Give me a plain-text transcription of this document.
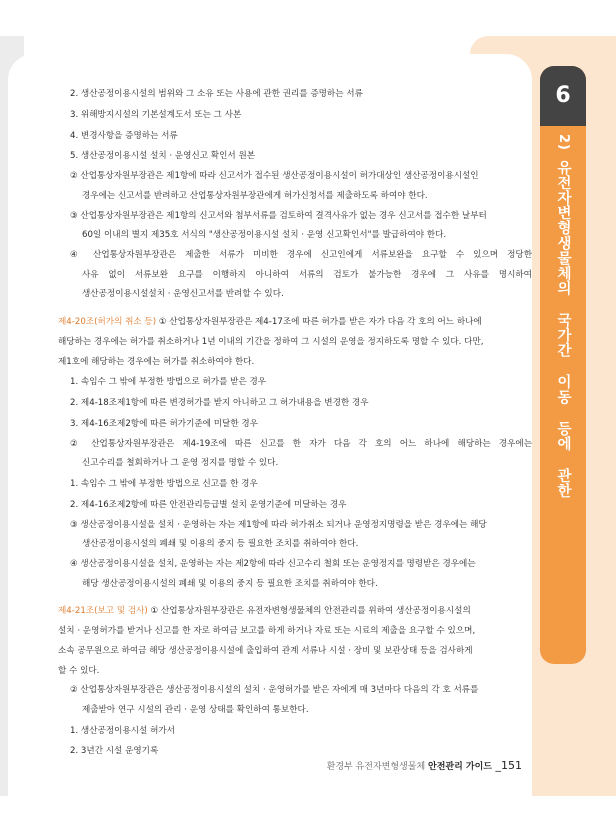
6
2)
유전자변형생물체의 국가간 이동 등에 관한 통합고시

2. 생산공정이용시설의 범위와 그 소유 또는 사용에 관한 권리를 증명하는 서류

3. 위해방지시설의 기본설계도서 또는 그 사본

4. 변경사항을 증명하는 서류

5. 생산공정이용시설 설치 · 운영신고 확인서 원본

② 산업통상자원부장관은 제1항에 따라 신고서가 접수된 생산공정이용시설이 허가대상인 생산공정이용시설인

경우에는 신고서를 반려하고 산업통상자원부장관에게 허가신청서를 제출하도록 하여야 한다.

③ 산업통상자원부장관은 제1항의 신고서와 첨부서류를 검토하여 결격사유가 없는 경우 신고서를 접수한 날부터

60일 이내의 별지 제35호 서식의 "생산공정이용시설 설치 · 운영 신고확인서"를 발급하여야 한다.

④ 산업통상자원부장관은 제출한 서류가 미비한 경우에 신고인에게 서류보완을 요구할 수 있으며 정당한

사유 없이 서류보완 요구를 이행하지 아니하여 서류의 검토가 불가능한 경우에 그 사유를 명시하여

생산공정이용시설설치 · 운영신고서를 반려할 수 있다.

제4-20조(허가의 취소 등) ① 산업통상자원부장관은 제4-17조에 따른 허가를 받은 자가 다음 각 호의 어느 하나에

해당하는 경우에는 허가를 취소하거나 1년 이내의 기간을 정하여 그 시설의 운영을 정지하도록 명할 수 있다. 다만,

제1호에 해당하는 경우에는 허가를 취소하여야 한다.

1. 속임수 그 밖에 부정한 방법으로 허가를 받은 경우

2. 제4-18조제1항에 따른 변경허가를 받지 아니하고 그 허가내용을 변경한 경우

3. 제4-16조제2항에 따른 허가기준에 미달한 경우

② 산업통상자원부장관은 제4-19조에 따른 신고를 한 자가 다음 각 호의 어느 하나에 해당하는 경우에는

신고수리를 철회하거나 그 운영 정지를 명할 수 있다.

1. 속임수 그 밖에 부정한 방법으로 신고를 한 경우

2. 제4-16조제2항에 따른 안전관리등급별 설치 운영기준에 미달하는 경우

③ 생산공정이용시설을 설치 · 운영하는 자는 제1항에 따라 허가취소 되거나 운영정지명령을 받은 경우에는 해당

생산공정이용시설의 폐쇄 및 이용의 중지 등 필요한 조치를 취하여야 한다.

④ 생산공정이용시설을 설치, 운영하는 자는 제2항에 따라 신고수리 철회 또는 운영정지를 명령받은 경우에는

해당 생산공정이용시설의 폐쇄 및 이용의 중지 등 필요한 조치를 취하여야 한다.

제4-21조(보고 및 검사) ① 산업통상자원부장관은 유전자변형생물체의 안전관리를 위하여 생산공정이용시설의

설치 · 운영허가를 받거나 신고를 한 자로 하여금 보고를 하게 하거나 자료 또는 시료의 제출을 요구할 수 있으며,

소속 공무원으로 하여금 해당 생산공정이용시설에 출입하여 관계 서류나 시설 · 장비 및 보관상태 등을 검사하게

할 수 있다.

② 산업통상자원부장관은 생산공정이용시설의 설치 · 운영허가를 받은 자에게 매 3년마다 다음의 각 호 서류를

제출받아 연구 시설의 관리 · 운영 상태를 확인하여 통보한다.

1. 생산공정이용시설 허가서

2. 3년간 시설 운영기록

환경부 유전자변형생물체 안전관리 가이드 _151
